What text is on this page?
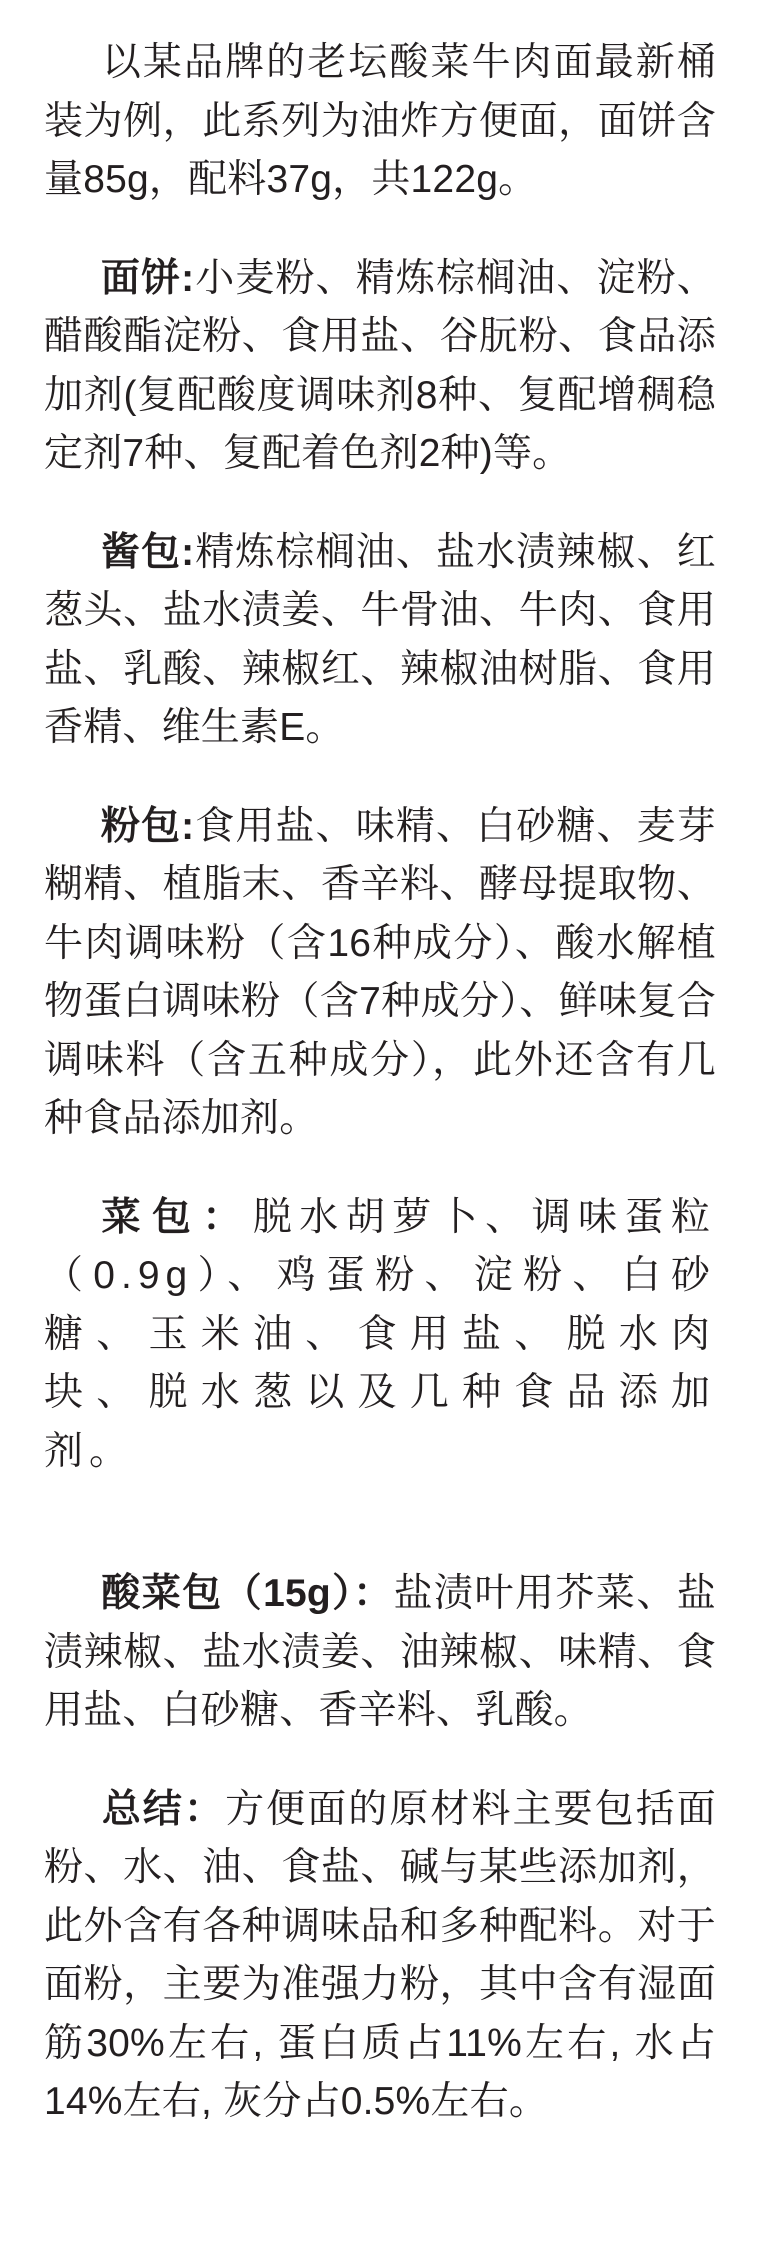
以某品牌的老坛酸菜牛肉面最新桶装为例，此系列为油炸方便面，面饼含量85g，配料37g，共122g。

面饼:小麦粉、精炼棕榈油、淀粉、醋酸酯淀粉、食用盐、谷朊粉、食品添加剂(复配酸度调味剂8种、复配增稠稳定剂7种、复配着色剂2种)等。

酱包:精炼棕榈油、盐水渍辣椒、红葱头、盐水渍姜、牛骨油、牛肉、食用盐、乳酸、辣椒红、辣椒油树脂、食用香精、维生素E。

粉包:食用盐、味精、白砂糖、麦芽糊精、植脂末、香辛料、酵母提取物、牛肉调味粉（含16种成分）、酸水解植物蛋白调味粉（含7种成分）、鲜味复合调味料（含五种成分），此外还含有几种食品添加剂。

菜包：脱水胡萝卜、调味蛋粒（0.9g）、鸡蛋粉、淀粉、白砂糖、玉米油、食用盐、脱水肉块、脱水葱以及几种食品添加剂。

酸菜包（15g）：盐渍叶用芥菜、盐渍辣椒、盐水渍姜、油辣椒、味精、食用盐、白砂糖、香辛料、乳酸。

总结：方便面的原材料主要包括面粉、水、油、食盐、碱与某些添加剂，此外含有各种调味品和多种配料。对于面粉，主要为准强力粉，其中含有湿面筋30%左右, 蛋白质占11%左右, 水占14%左右, 灰分占0.5%左右。
